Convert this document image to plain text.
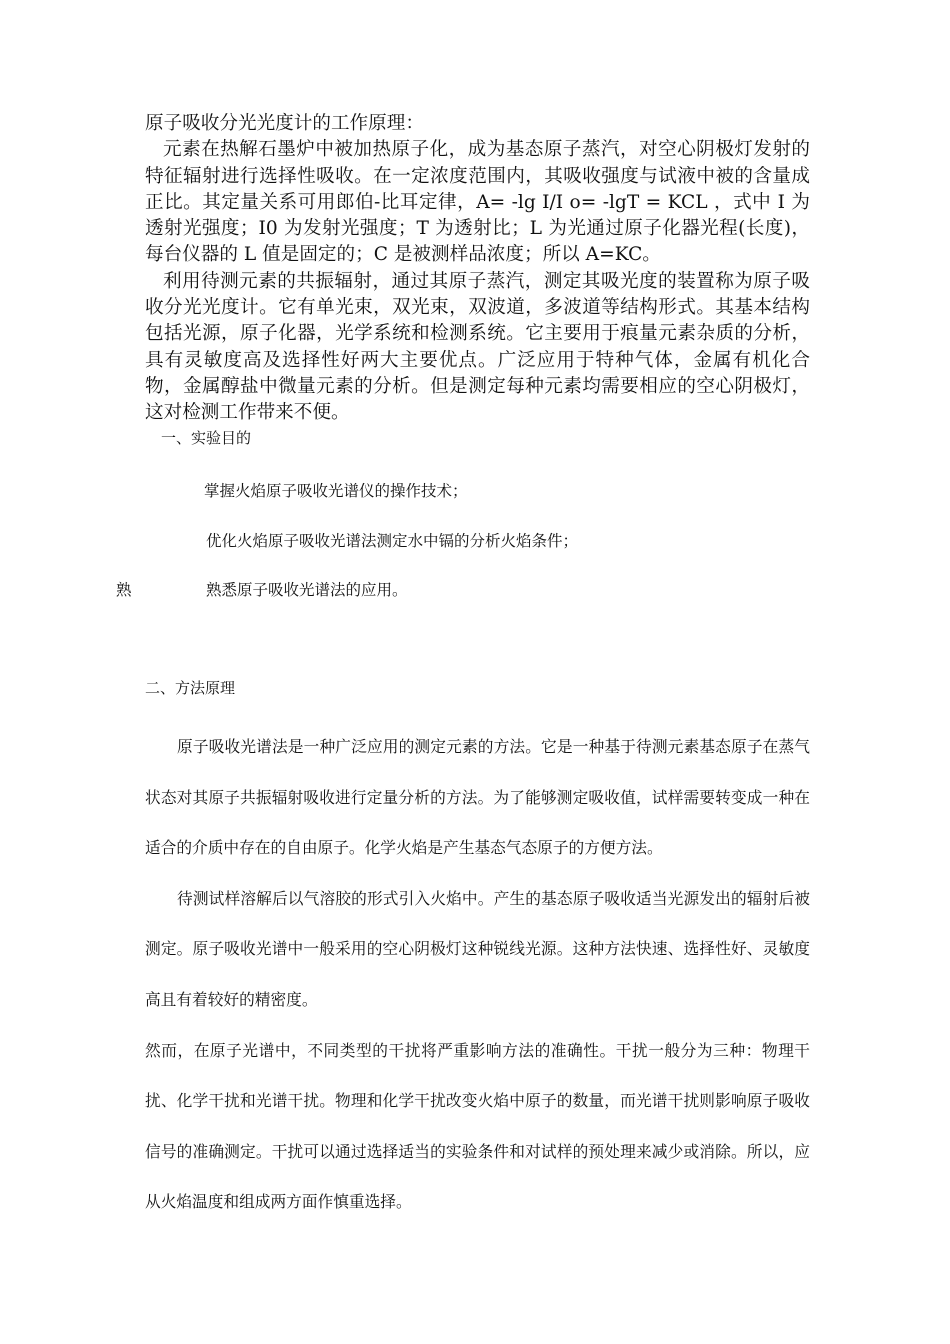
原子吸收分光光度计的工作原理：

元素在热解石墨炉中被加热原子化，成为基态原子蒸汽，对空心阴极灯发射的特征辐射进行选择性吸收。在一定浓度范围内，其吸收强度与试液中被的含量成正比。其定量关系可用郎伯-比耳定律，A= -lg I/I o= -lgT = KCL ，式中 I 为透射光强度；I0 为发射光强度；T 为透射比；L 为光通过原子化器光程(长度)，每台仪器的 L 值是固定的；C 是被测样品浓度；所以 A=KC。

利用待测元素的共振辐射，通过其原子蒸汽，测定其吸光度的装置称为原子吸收分光光度计。它有单光束，双光束，双波道，多波道等结构形式。其基本结构包括光源，原子化器，光学系统和检测系统。它主要用于痕量元素杂质的分析，具有灵敏度高及选择性好两大主要优点。广泛应用于特种气体，金属有机化合物，金属醇盐中微量元素的分析。但是测定每种元素均需要相应的空心阴极灯，这对检测工作带来不便。

一、实验目的

掌握火焰原子吸收光谱仪的操作技术；

优化火焰原子吸收光谱法测定水中镉的分析火焰条件；

熟	熟悉原子吸收光谱法的应用。

二、方法原理

原子吸收光谱法是一种广泛应用的测定元素的方法。它是一种基于待测元素基态原子在蒸气状态对其原子共振辐射吸收进行定量分析的方法。为了能够测定吸收值，试样需要转变成一种在适合的介质中存在的自由原子。化学火焰是产生基态气态原子的方便方法。

待测试样溶解后以气溶胶的形式引入火焰中。产生的基态原子吸收适当光源发出的辐射后被测定。原子吸收光谱中一般采用的空心阴极灯这种锐线光源。这种方法快速、选择性好、灵敏度高且有着较好的精密度。

然而，在原子光谱中，不同类型的干扰将严重影响方法的准确性。干扰一般分为三种：物理干扰、化学干扰和光谱干扰。物理和化学干扰改变火焰中原子的数量，而光谱干扰则影响原子吸收信号的准确测定。干扰可以通过选择适当的实验条件和对试样的预处理来减少或消除。所以，应从火焰温度和组成两方面作慎重选择。
